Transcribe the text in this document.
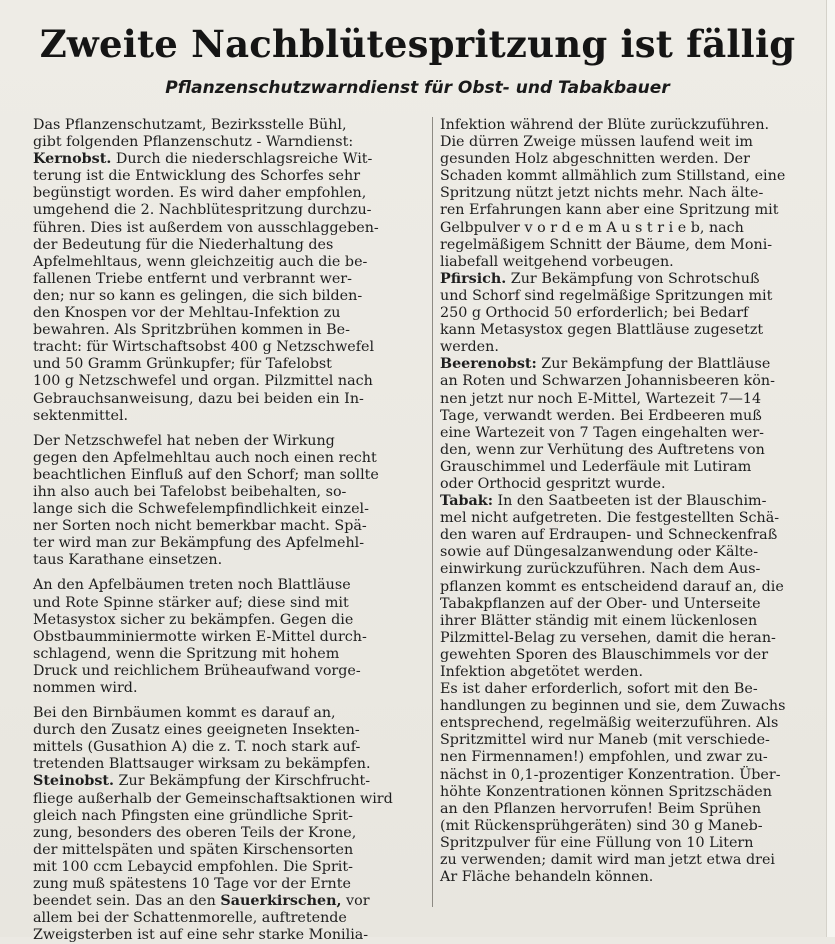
Zweite Nachblütespritzung ist fällig
Pflanzenschutzwarndienst für Obst- und Tabakbauer
Das Pflanzenschutzamt, Bezirksstelle Bühl,
gibt folgenden Pflanzenschutz - Warndienst:
Kernobst. Durch die niederschlagsreiche Wit-
terung ist die Entwicklung des Schorfes sehr
begünstigt worden. Es wird daher empfohlen,
umgehend die 2. Nachblütespritzung durchzu-
führen. Dies ist außerdem von ausschlaggeben-
der Bedeutung für die Niederhaltung des
Apfelmehltaus, wenn gleichzeitig auch die be-
fallenen Triebe entfernt und verbrannt wer-
den; nur so kann es gelingen, die sich bilden-
den Knospen vor der Mehltau-Infektion zu
bewahren. Als Spritzbrühen kommen in Be-
tracht: für Wirtschaftsobst 400 g Netzschwefel
und 50 Gramm Grünkupfer; für Tafelobst
100 g Netzschwefel und organ. Pilzmittel nach
Gebrauchsanweisung, dazu bei beiden ein In-
sektenmittel.
Der Netzschwefel hat neben der Wirkung
gegen den Apfelmehltau auch noch einen recht
beachtlichen Einfluß auf den Schorf; man sollte
ihn also auch bei Tafelobst beibehalten, so-
lange sich die Schwefelempfindlichkeit einzel-
ner Sorten noch nicht bemerkbar macht. Spä-
ter wird man zur Bekämpfung des Apfelmehl-
taus Karathane einsetzen.
An den Apfelbäumen treten noch Blattläuse
und Rote Spinne stärker auf; diese sind mit
Metasystox sicher zu bekämpfen. Gegen die
Obstbaumminiermotte wirken E-Mittel durch-
schlagend, wenn die Spritzung mit hohem
Druck und reichlichem Brüheaufwand vorge-
nommen wird.
Bei den Birnbäumen kommt es darauf an,
durch den Zusatz eines geeigneten Insekten-
mittels (Gusathion A) die z. T. noch stark auf-
tretenden Blattsauger wirksam zu bekämpfen.
Steinobst. Zur Bekämpfung der Kirschfrucht-
fliege außerhalb der Gemeinschaftsaktionen wird
gleich nach Pfingsten eine gründliche Sprit-
zung, besonders des oberen Teils der Krone,
der mittelspäten und späten Kirschensorten
mit 100 ccm Lebaycid empfohlen. Die Sprit-
zung muß spätestens 10 Tage vor der Ernte
beendet sein. Das an den Sauerkirschen, vor
allem bei der Schattenmorelle, auftretende
Zweigsterben ist auf eine sehr starke Monilia-
Infektion während der Blüte zurückzuführen.
Die dürren Zweige müssen laufend weit im
gesunden Holz abgeschnitten werden. Der
Schaden kommt allmählich zum Stillstand, eine
Spritzung nützt jetzt nichts mehr. Nach älte-
ren Erfahrungen kann aber eine Spritzung mit
Gelbpulver v o r d e m A u s t r i e b, nach
regelmäßigem Schnitt der Bäume, dem Moni-
liabefall weitgehend vorbeugen.
Pfirsich. Zur Bekämpfung von Schrotschuß
und Schorf sind regelmäßige Spritzungen mit
250 g Orthocid 50 erforderlich; bei Bedarf
kann Metasystox gegen Blattläuse zugesetzt
werden.
Beerenobst: Zur Bekämpfung der Blattläuse
an Roten und Schwarzen Johannisbeeren kön-
nen jetzt nur noch E-Mittel, Wartezeit 7—14
Tage, verwandt werden. Bei Erdbeeren muß
eine Wartezeit von 7 Tagen eingehalten wer-
den, wenn zur Verhütung des Auftretens von
Grauschimmel und Lederfäule mit Lutiram
oder Orthocid gespritzt wurde.
Tabak: In den Saatbeeten ist der Blauschim-
mel nicht aufgetreten. Die festgestellten Schä-
den waren auf Erdraupen- und Schneckenfraß
sowie auf Düngesalzanwendung oder Kälte-
einwirkung zurückzuführen. Nach dem Aus-
pflanzen kommt es entscheidend darauf an, die
Tabakpflanzen auf der Ober- und Unterseite
ihrer Blätter ständig mit einem lückenlosen
Pilzmittel-Belag zu versehen, damit die heran-
gewehten Sporen des Blauschimmels vor der
Infektion abgetötet werden.
Es ist daher erforderlich, sofort mit den Be-
handlungen zu beginnen und sie, dem Zuwachs
entsprechend, regelmäßig weiterzuführen. Als
Spritzmittel wird nur Maneb (mit verschiede-
nen Firmennamen!) empfohlen, und zwar zu-
nächst in 0,1-prozentiger Konzentration. Über-
höhte Konzentrationen können Spritzschäden
an den Pflanzen hervorrufen! Beim Sprühen
(mit Rückensprühgeräten) sind 30 g Maneb-
Spritzpulver für eine Füllung von 10 Litern
zu verwenden; damit wird man jetzt etwa drei
Ar Fläche behandeln können.
